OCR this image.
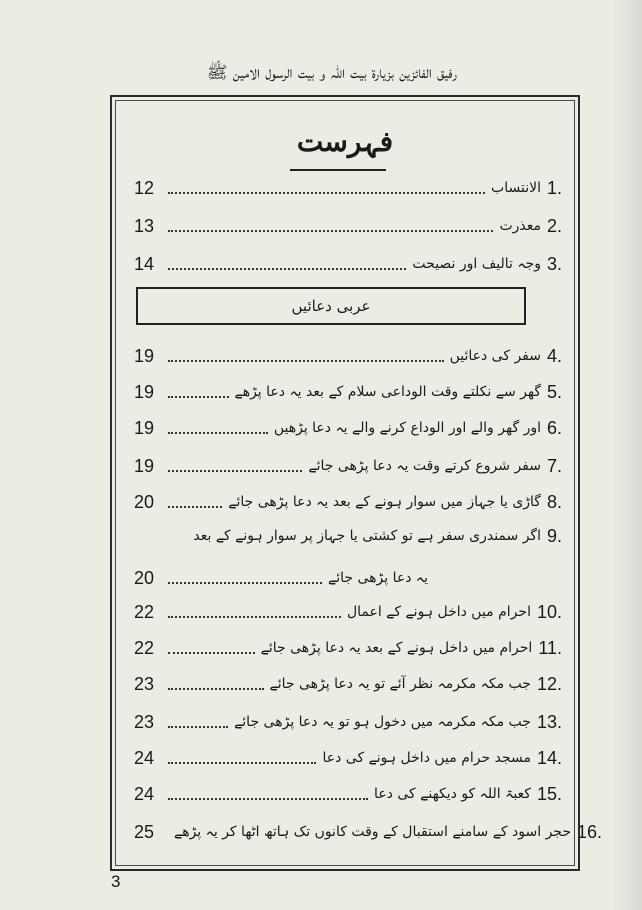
رفیق الفائزین بزیارۃ بیت اللہ و بیت الرسول الامین ﷺ
فہرست
12	الانتساب 1.
13	معذرت 2.
14	وجہ تالیف اور نصیحت 3.
عربی دعائیں
19	سفر کی دعائیں 4.
19	گھر سے نکلتے وقت الوداعی سلام کے بعد یہ دعا پڑھے 5.
19	اور گھر والے اور الوداع کرنے والے یہ دعا پڑھیں 6.
19	سفر شروع کرتے وقت یہ دعا پڑھی جائے 7.
20	گاڑی یا جہاز میں سوار ہونے کے بعد یہ دعا پڑھی جائے 8.
اگر سمندری سفر ہے تو کشتی یا جہاز پر سوار ہونے کے بعد 9.
20	یہ دعا پڑھی جائے
22	احرام میں داخل ہونے کے اعمال 10.
22	احرام میں داخل ہونے کے بعد یہ دعا پڑھی جائے 11.
23	جب مکہ مکرمہ نظر آئے تو یہ دعا پڑھی جائے 12.
23	جب مکہ مکرمہ میں دخول ہو تو یہ دعا پڑھی جائے 13.
24	مسجد حرام میں داخل ہونے کی دعا 14.
24	کعبۃ اللہ کو دیکھنے کی دعا 15.
25	حجر اسود کے سامنے استقبال کے وقت کانوں تک ہاتھ اٹھا کر یہ پڑھے 16.
3
